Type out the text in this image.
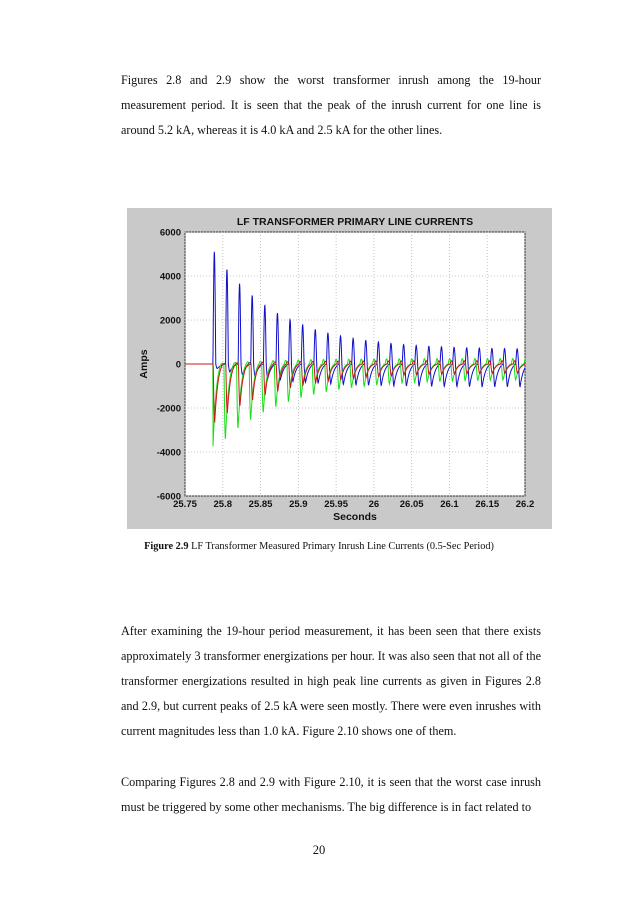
Figures 2.8 and 2.9 show the worst transformer inrush among the 19-hour measurement period. It is seen that the peak of the inrush current for one line is around 5.2 kA, whereas it is 4.0 kA and 2.5 kA for the other lines.

6000
4000
2000
0
-2000
-4000
-6000
25.75 25.8 25.85 25.9 25.95 26 26.05 26.1 26.15 26.2
LF TRANSFORMER PRIMARY LINE CURRENTS
Seconds
Amps
Figure 2.9 LF Transformer Measured Primary Inrush Line Currents (0.5-Sec Period)

After examining the 19-hour period measurement, it has been seen that there exists approximately 3 transformer energizations per hour. It was also seen that not all of the transformer energizations resulted in high peak line currents as given in Figures 2.8 and 2.9, but current peaks of 2.5 kA were seen mostly. There were even inrushes with current magnitudes less than 1.0 kA. Figure 2.10 shows one of them.

Comparing Figures 2.8 and 2.9 with Figure 2.10, it is seen that the worst case inrush must be triggered by some other mechanisms. The big difference is in fact related to

20
